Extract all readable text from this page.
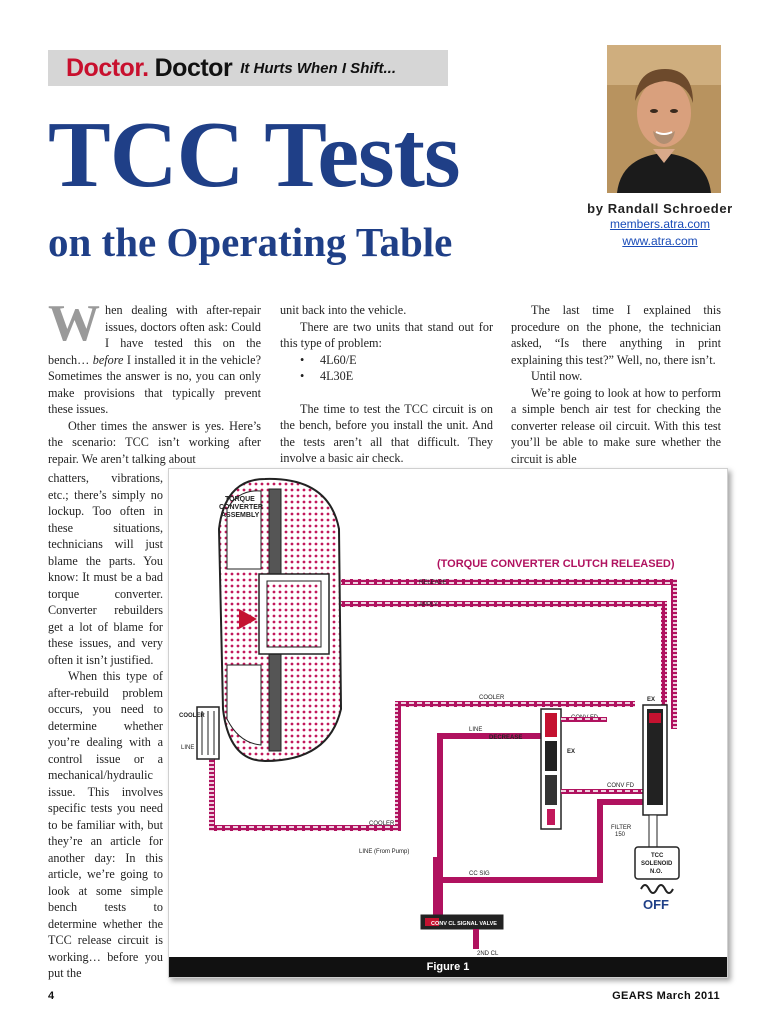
Doctor. Doctor It Hurts When I Shift...
TCC Tests
on the Operating Table
by Randall Schroeder
members.atra.com
www.atra.com

When dealing with after-repair issues, doctors often ask: Could I have tested this on the bench… before I installed it in the vehicle? Sometimes the answer is no, you can only make provisions that typically prevent these issues.

Other times the answer is yes. Here’s the scenario: TCC isn’t working after repair. We aren’t talking about

chatters, vibrations, etc.; there’s simply no lockup. Too often in these situations, technicians will just blame the parts. You know: It must be a bad torque converter. Converter rebuilders get a lot of blame for these issues, and very often it isn’t justified.

When this type of after-rebuild problem occurs, you need to determine whether you’re dealing with a control issue or a mechanical/hydraulic issue. This involves specific tests you need to be familiar with, but they’re an article for another day: In this article, we’re going to look at some simple bench tests to determine whether the TCC release circuit is working… before you put the

unit back into the vehicle.

There are two units that stand out for this type of problem:

• 4L60/E
• 4L30E

The time to test the TCC circuit is on the bench, before you install the unit. And the tests aren’t all that difficult. They involve a basic air check.

The last time I explained this procedure on the phone, the technician asked, “Is there anything in print explaining this test?” Well, no, there isn’t.

Until now.

We’re going to look at how to perform a simple bench air test for checking the converter release oil circuit. With this test you’ll be able to make sure whether the circuit is able

TORQUE CONVERTER ASSEMBLY
(TORQUE CONVERTER CLUTCH RELEASED)
RELEASE
APPLY
COOLER
COOLER
COOLER
LINE
LINE
LINE (From Pump)
CC SIG
DECREASE
EX
CONV FD
EX
FILTER 150
TCC SOLENOID N.O.
OFF
CONV CL SIGNAL VALVE
2ND CL
Figure 1
4	GEARS March 2011
